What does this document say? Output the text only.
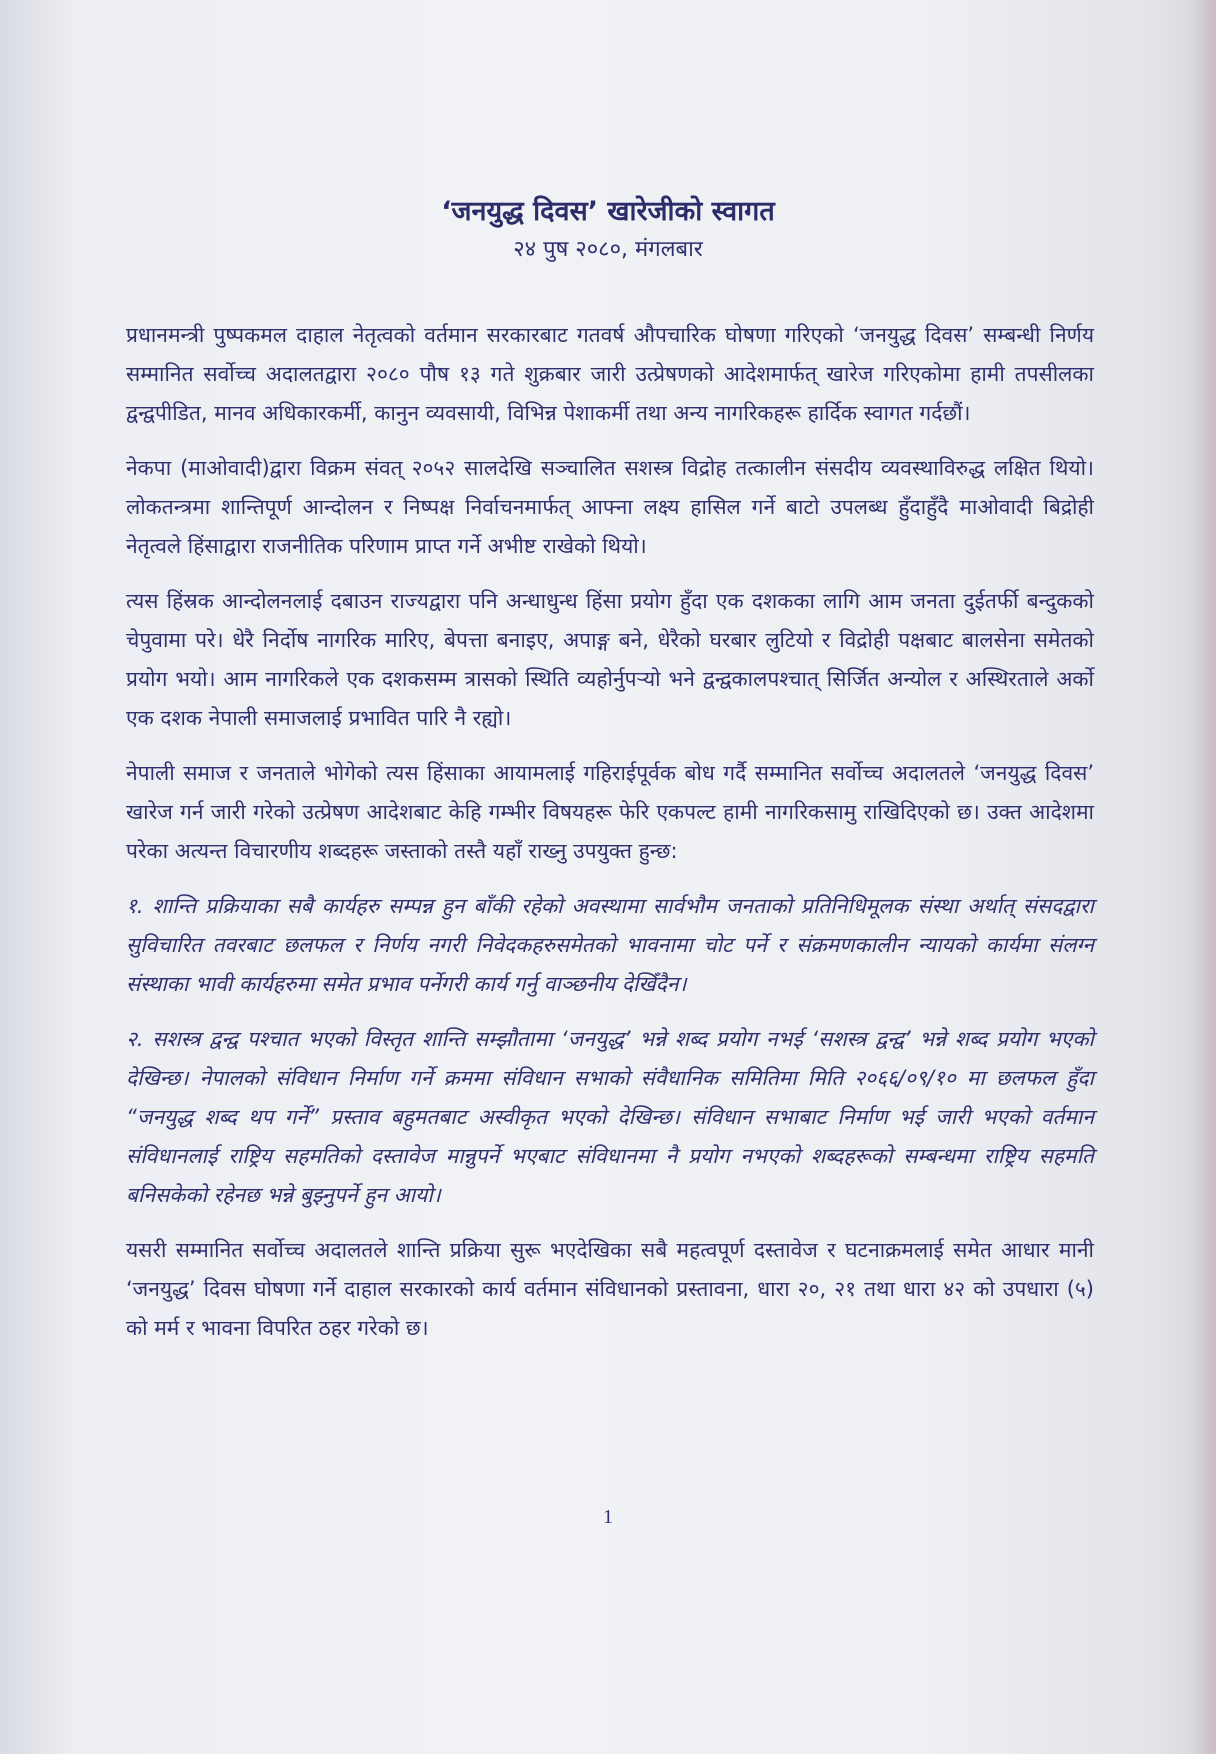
‘जनयुद्ध दिवस’ खारेजीको स्वागत
२४ पुष २०८०, मंगलबार

प्रधानमन्त्री पुष्पकमल दाहाल नेतृत्वको वर्तमान सरकारबाट गतवर्ष औपचारिक घोषणा गरिएको ‘जनयुद्ध दिवस’ सम्बन्धी निर्णय सम्मानित सर्वोच्च अदालतद्वारा २०८० पौष १३ गते शुक्रबार जारी उत्प्रेषणको आदेशमार्फत् खारेज गरिएकोमा हामी तपसीलका द्वन्द्वपीडित, मानव अधिकारकर्मी, कानुन व्यवसायी, विभिन्न पेशाकर्मी तथा अन्य नागरिकहरू हार्दिक स्वागत गर्दछौं।

नेकपा (माओवादी)द्वारा विक्रम संवत् २०५२ सालदेखि सञ्चालित सशस्त्र विद्रोह तत्कालीन संसदीय व्यवस्थाविरुद्ध लक्षित थियो। लोकतन्त्रमा शान्तिपूर्ण आन्दोलन र निष्पक्ष निर्वाचनमार्फत् आफ्ना लक्ष्य हासिल गर्ने बाटो उपलब्ध हुँदाहुँदै माओवादी बिद्रोही नेतृत्वले हिंसाद्वारा राजनीतिक परिणाम प्राप्त गर्ने अभीष्ट राखेको थियो।

त्यस हिंस्रक आन्दोलनलाई दबाउन राज्यद्वारा पनि अन्धाधुन्ध हिंसा प्रयोग हुँदा एक दशकका लागि आम जनता दुईतर्फी बन्दुकको चेपुवामा परे। धेरै निर्दोष नागरिक मारिए, बेपत्ता बनाइए, अपाङ्ग बने, धेरैको घरबार लुटियो र विद्रोही पक्षबाट बालसेना समेतको प्रयोग भयो। आम नागरिकले एक दशकसम्म त्रासको स्थिति व्यहोर्नुपर्‍यो भने द्वन्द्वकालपश्चात् सिर्जित अन्योल र अस्थिरताले अर्को एक दशक नेपाली समाजलाई प्रभावित पारि नै रह्यो।

नेपाली समाज र जनताले भोगेको त्यस हिंसाका आयामलाई गहिराईपूर्वक बोध गर्दै सम्मानित सर्वोच्च अदालतले ‘जनयुद्ध दिवस’ खारेज गर्न जारी गरेको उत्प्रेषण आदेशबाट केहि गम्भीर विषयहरू फेरि एकपल्ट हामी नागरिकसामु राखिदिएको छ। उक्त आदेशमा परेका अत्यन्त विचारणीय शब्दहरू जस्ताको तस्तै यहाँ राख्नु उपयुक्त हुन्छ:

१. शान्ति प्रक्रियाका सबै कार्यहरु सम्पन्न हुन बाँकी रहेको अवस्थामा सार्वभौम जनताको प्रतिनिधिमूलक संस्था अर्थात् संसदद्वारा सुविचारित तवरबाट छलफल र निर्णय नगरी निवेदकहरुसमेतको भावनामा चोट पर्ने र संक्रमणकालीन न्यायको कार्यमा संलग्न संस्थाका भावी कार्यहरुमा समेत प्रभाव पर्नेगरी कार्य गर्नु वाञ्छनीय देखिँदैन।

२. सशस्त्र द्वन्द्व पश्चात भएको विस्तृत शान्ति सम्झौतामा ‘जनयुद्ध’ भन्ने शब्द प्रयोग नभई ‘सशस्त्र द्वन्द्व’ भन्ने शब्द प्रयोग भएको देखिन्छ। नेपालको संविधान निर्माण गर्ने क्रममा संविधान सभाको संवैधानिक समितिमा मिति २०६६/०९/१० मा छलफल हुँदा “जनयुद्ध शब्द थप गर्ने” प्रस्ताव बहुमतबाट अस्वीकृत भएको देखिन्छ। संविधान सभाबाट निर्माण भई जारी भएको वर्तमान संविधानलाई राष्ट्रिय सहमतिको दस्तावेज मान्नुपर्ने भएबाट संविधानमा नै प्रयोग नभएको शब्दहरूको सम्बन्धमा राष्ट्रिय सहमति बनिसकेको रहेनछ भन्ने बुझ्नुपर्ने हुन आयो।

यसरी सम्मानित सर्वोच्च अदालतले शान्ति प्रक्रिया सुरू भएदेखिका सबै महत्वपूर्ण दस्तावेज र घटनाक्रमलाई समेत आधार मानी ‘जनयुद्ध’ दिवस घोषणा गर्ने दाहाल सरकारको कार्य वर्तमान संविधानको प्रस्तावना, धारा २०, २१ तथा धारा ४२ को उपधारा (५) को मर्म र भावना विपरित ठहर गरेको छ।

1
